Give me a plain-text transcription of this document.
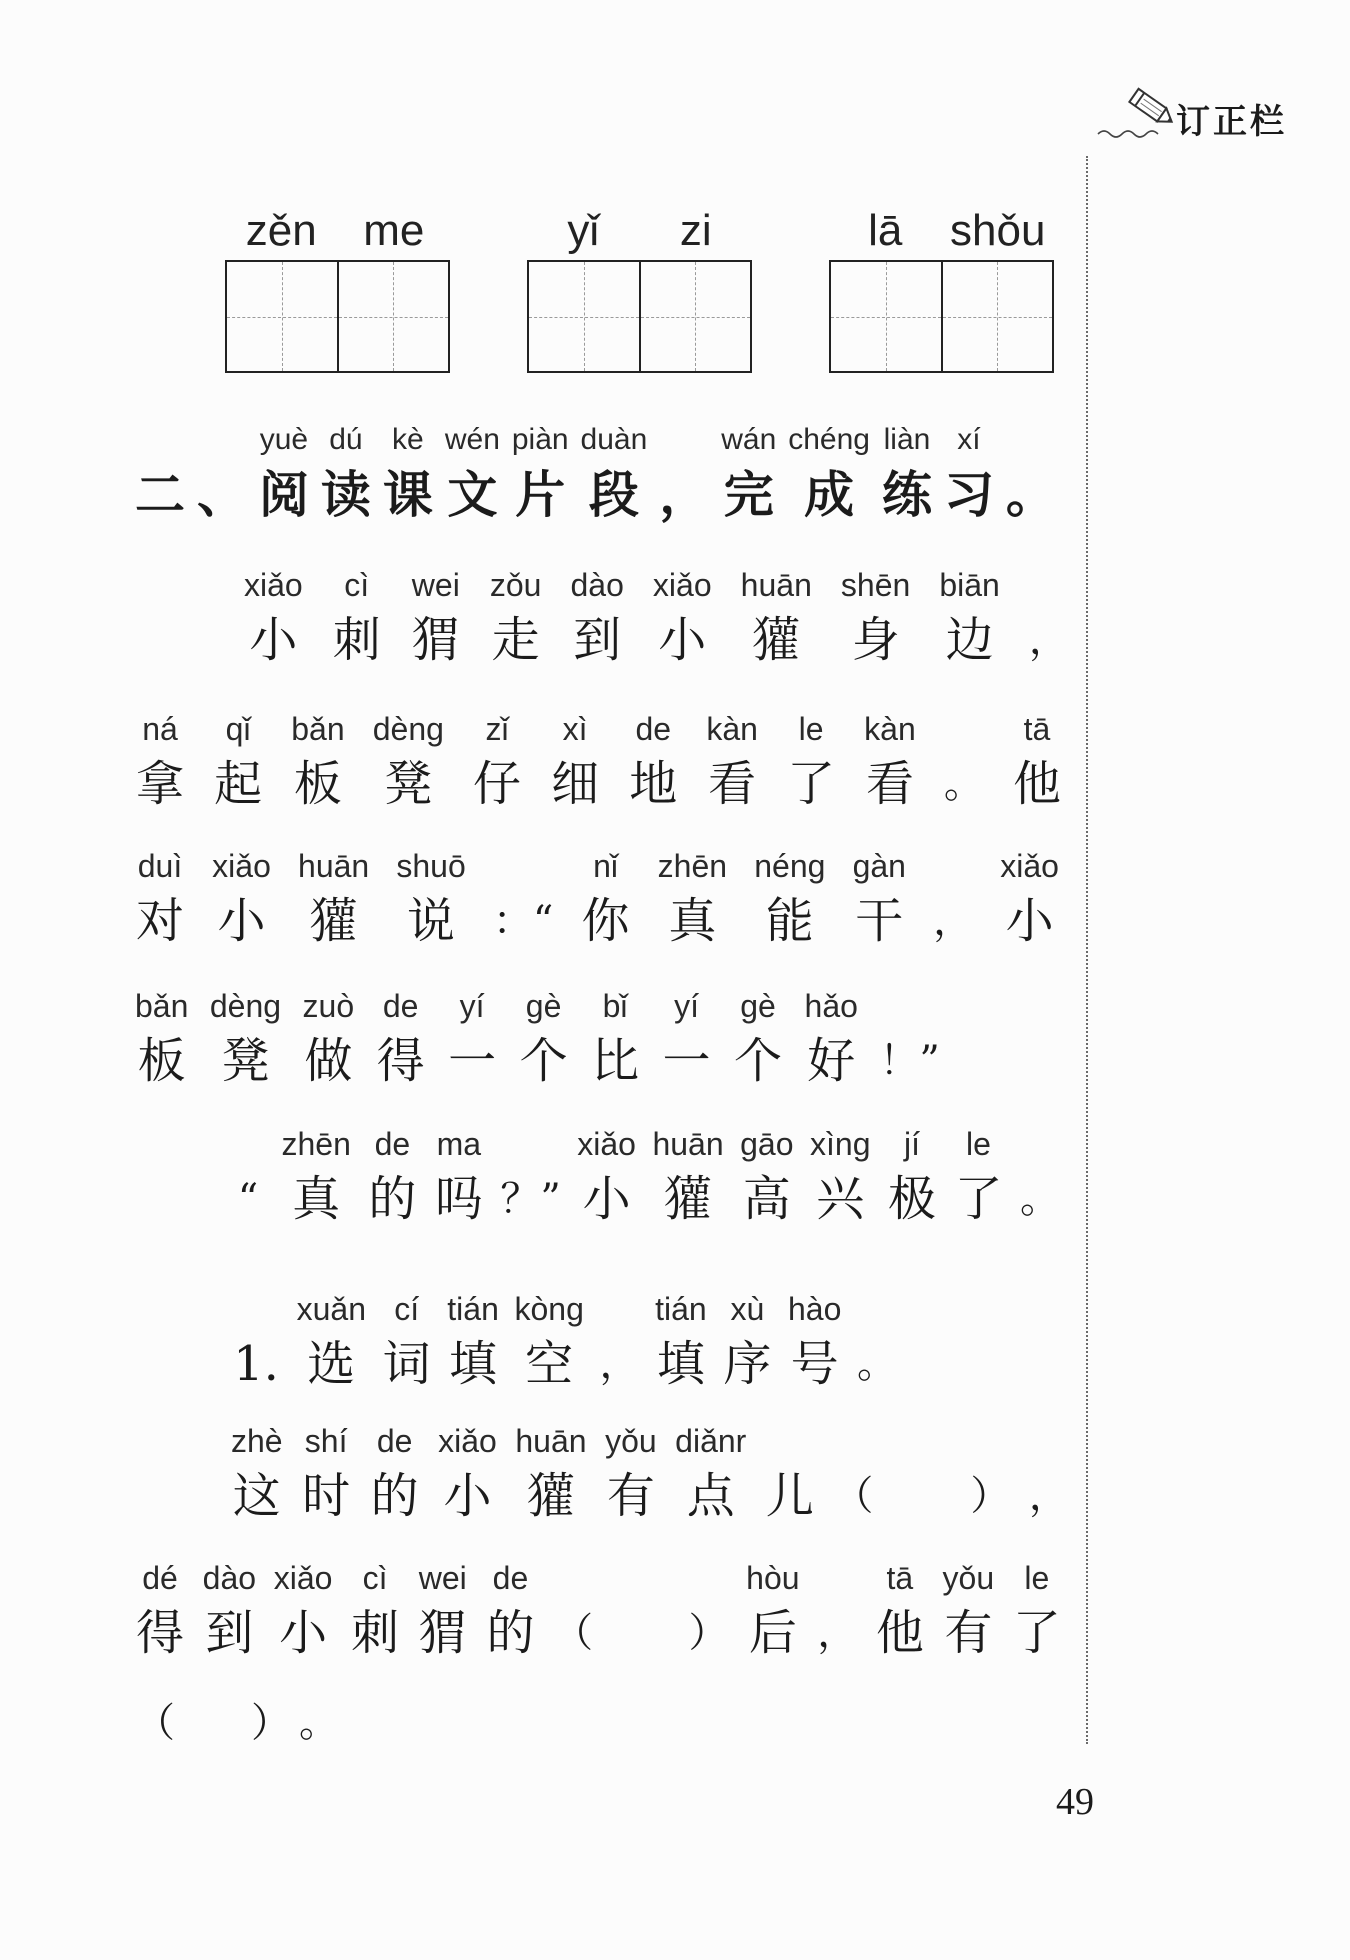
订正栏
zěn	me	yǐ	zi	lā	shǒu
二 、
yuè
阅
dú
读
kè
课
wén
文
piàn
片
duàn
段 ，
wán
完
chéng
成
liàn
练
xí
习 。
xiǎo
小
cì
刺
wei
猬
zǒu
走
dào
到
xiǎo
小
huān
獾
shēn
身
biān
边 ，
ná
拿
qǐ
起
bǎn
板
dèng
凳
zǐ
仔
xì
细
de
地
kàn
看
le
了
kàn
看 。
tā
他
duì
对
xiǎo
小
huān
獾
shuō
说 ：“
nǐ
你
zhēn
真
néng
能
gàn
干 ，
xiǎo
小
bǎn
板
dèng
凳
zuò
做
de
得
yí
一
gè
个
bǐ
比
yí
一
gè
个
hǎo
好 ！”
“
zhēn
真
de
的
ma
吗 ？”
xiǎo
小
huān
獾
gāo
高
xìng
兴
jí
极
le
了 。
1.
xuǎn
选
cí
词
tián
填
kòng
空 ，
tián
填
xù
序
hào
号 。
zhè
这
shí
时
de
的
xiǎo
小
huān
獾
yǒu
有
diǎnr
点 儿 （ ） ，
dé
得
dào
到
xiǎo
小
cì
刺
wei
猬
de
的 （ ）
hòu
后 ，
tā
他
yǒu
有
le
了
（ ） 。
49
